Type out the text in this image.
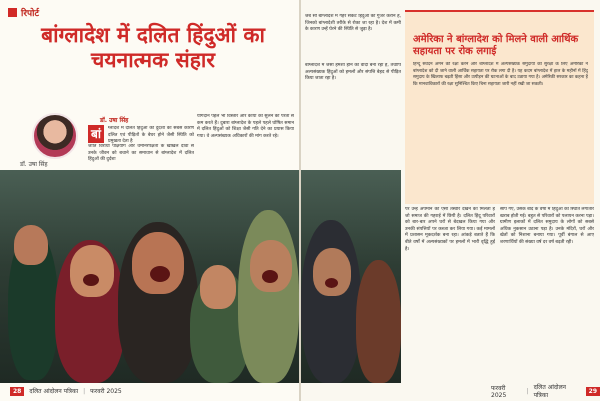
रिपोर्ट
बांग्लादेश में दलित हिंदुओं का चयनात्मक संहार
डॉ. उषा सिंह
डॉ. उषा सिंह
बां	ग्लादेश में दलित हिंदुओं की दुर्दशा का सबसे कारण दलित एवं पीड़ितों के बेघर होने जैसी स्थिति को प्रमुखता देता है
जाति विरोधी पक्षियोग और धर्मनिरपेक्षता के खोखले दावों से उनके जीवन को बचाने का समाधान से बांग्लादेश में दलित हिंदुओं की दुर्दशा
योगदान पहले भी विस्तार और कायों को सुलने की परतों से कम करते हैं। दुबारा बांग्लादेश के पहले पहले घोषित समान में दलित हिंदुओं को शिक्षा जैसी गति देने का प्रयास किया गया। वे अल्पसंख्यक अधिकारों की मांग करते रहे।
28	दलित आंदोलन पत्रिका | फरवरी 2025
जब सौ बांग्लादेश में गहरे संकट हिंदुओं को गुजर कराने हैं, जिनको बांग्लादेशी तरीके से रोका जा रहा है। देश में कमी के कारण उन्हें घेरने की स्थिति से जुड़ा है।
बांग्लादेश में जैसा हमेशा होने का वादा बना रहा है, तथापि अल्पसंख्यक हिंदुओं को हमलों और संपत्ति बेहद से पीड़ित किया जाता रहा है।
अमेरिका ने बांग्लादेश को मिलने वाली आर्थिक सहायता पर रोक लगाई
हिन्दू संवेदन अमन की रक्षा करने और बांग्लादेश में अल्पसंख्यक समुदायों की सुरक्षा के लिए अमेरिका ने बांग्लादेश को दी जाने वाली आर्थिक सहायता पर रोक लगा दी है। यह कदम बांग्लादेश में हाल के महीनों में हिंदू समुदाय के खिलाफ बढ़ती हिंसा और उत्पीड़न की घटनाओं के बाद उठाया गया है। अमेरिकी सरकार का कहना है कि मानवाधिकारों की रक्षा सुनिश्चित किए बिना सहायता जारी नहीं रखी जा सकती।
पर उन्हें अपमान की ऐसी तस्वीरें देखने को मिलती हैं जो समाज की गहराई में छिपी है। दलित हिंदू परिवारों को बार-बार अपने घरों से बेदखल किया गया और उनकी संपत्तियों पर कब्जा कर लिया गया। कई मामलों में प्रशासन मूकदर्शक बना रहा। आंकड़े बताते हैं कि बीते वर्षों में अल्पसंख्यकों पर हमलों में भारी वृद्धि हुई है।
सौंप गए, उसके बाद के वर्षों में हिंदुओं की स्थिति लगातार खराब होती गई। बहुत से परिवारों को पलायन करना पड़ा। ग्रामीण इलाकों में दलित समुदाय के लोगों को सबसे अधिक नुकसान उठाना पड़ा है। उनके मंदिरों, घरों और खेतों को निशाना बनाया गया। पूर्वी बंगाल से आए शरणार्थियों की संख्या वर्ष दर वर्ष बढ़ती रही।
फरवरी 2025
| दलित आंदोलन पत्रिका
29
